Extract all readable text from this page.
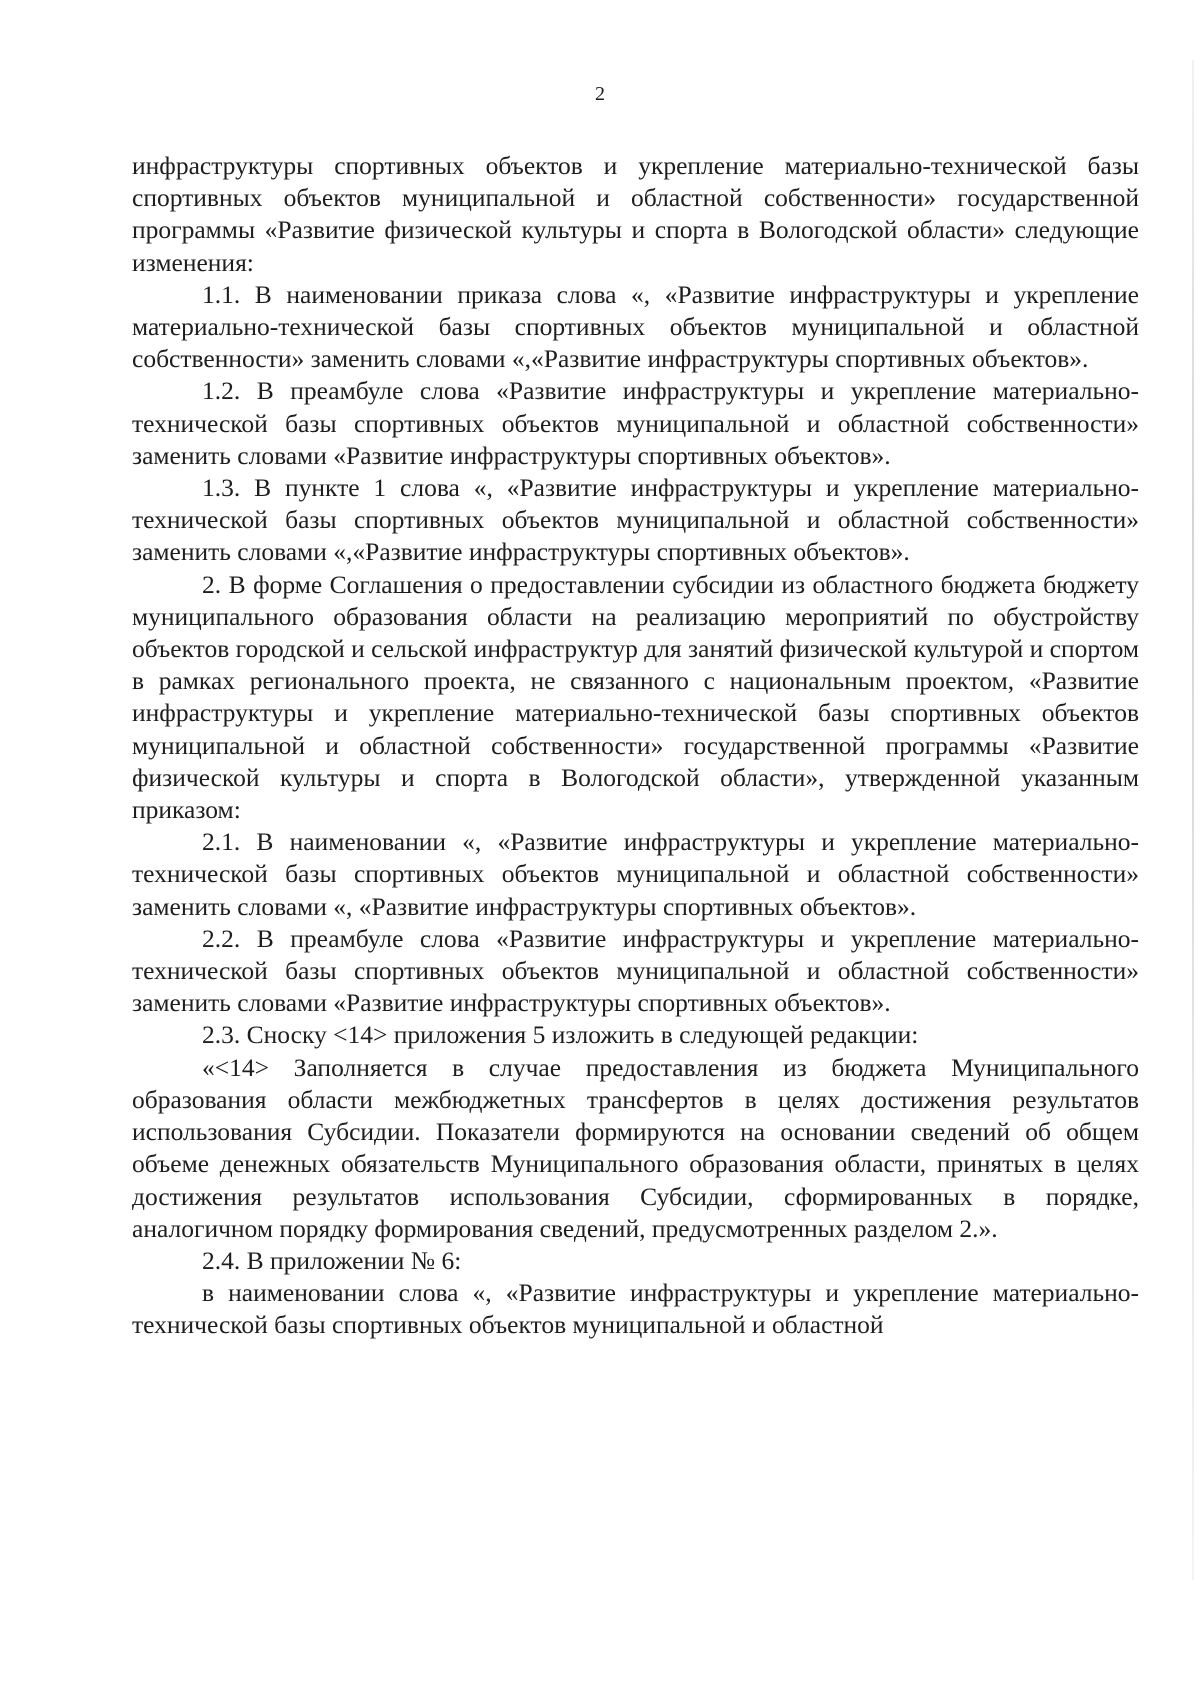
2

инфраструктуры спортивных объектов и укрепление материально-технической базы спортивных объектов муниципальной и областной собственности» государственной программы «Развитие физической культуры и спорта в Вологодской области» следующие изменения:

1.1. В наименовании приказа слова «, «Развитие инфраструктуры и укрепление материально-технической базы спортивных объектов муниципальной и областной собственности» заменить словами «,«Развитие инфраструктуры спортивных объектов».

1.2. В преамбуле слова «Развитие инфраструктуры и укрепление материально-технической базы спортивных объектов муниципальной и областной собственности» заменить словами «Развитие инфраструктуры спортивных объектов».

1.3. В пункте 1 слова «, «Развитие инфраструктуры и укрепление материально-технической базы спортивных объектов муниципальной и областной собственности» заменить словами «,«Развитие инфраструктуры спортивных объектов».

2. В форме Соглашения о предоставлении субсидии из областного бюджета бюджету муниципального образования области на реализацию мероприятий по обустройству объектов городской и сельской инфраструктур для занятий физической культурой и спортом в рамках регионального проекта, не связанного с национальным проектом, «Развитие инфраструктуры и укрепление материально-технической базы спортивных объектов муниципальной и областной собственности» государственной программы «Развитие физической культуры и спорта в Вологодской области», утвержденной указанным приказом:

2.1. В наименовании «, «Развитие инфраструктуры и укрепление материально-технической базы спортивных объектов муниципальной и областной собственности» заменить словами «, «Развитие инфраструктуры спортивных объектов».

2.2. В преамбуле слова «Развитие инфраструктуры и укрепление материально-технической базы спортивных объектов муниципальной и областной собственности» заменить словами «Развитие инфраструктуры спортивных объектов».

2.3. Сноску <14> приложения 5 изложить в следующей редакции:

«<14> Заполняется в случае предоставления из бюджета Муниципального образования области межбюджетных трансфертов в целях достижения результатов использования Субсидии. Показатели формируются на основании сведений об общем объеме денежных обязательств Муниципального образования области, принятых в целях достижения результатов использования Субсидии, сформированных в порядке, аналогичном порядку формирования сведений, предусмотренных разделом 2.».

2.4. В приложении № 6:

в наименовании слова «, «Развитие инфраструктуры и укрепление материально-технической базы спортивных объектов муниципальной и областной
